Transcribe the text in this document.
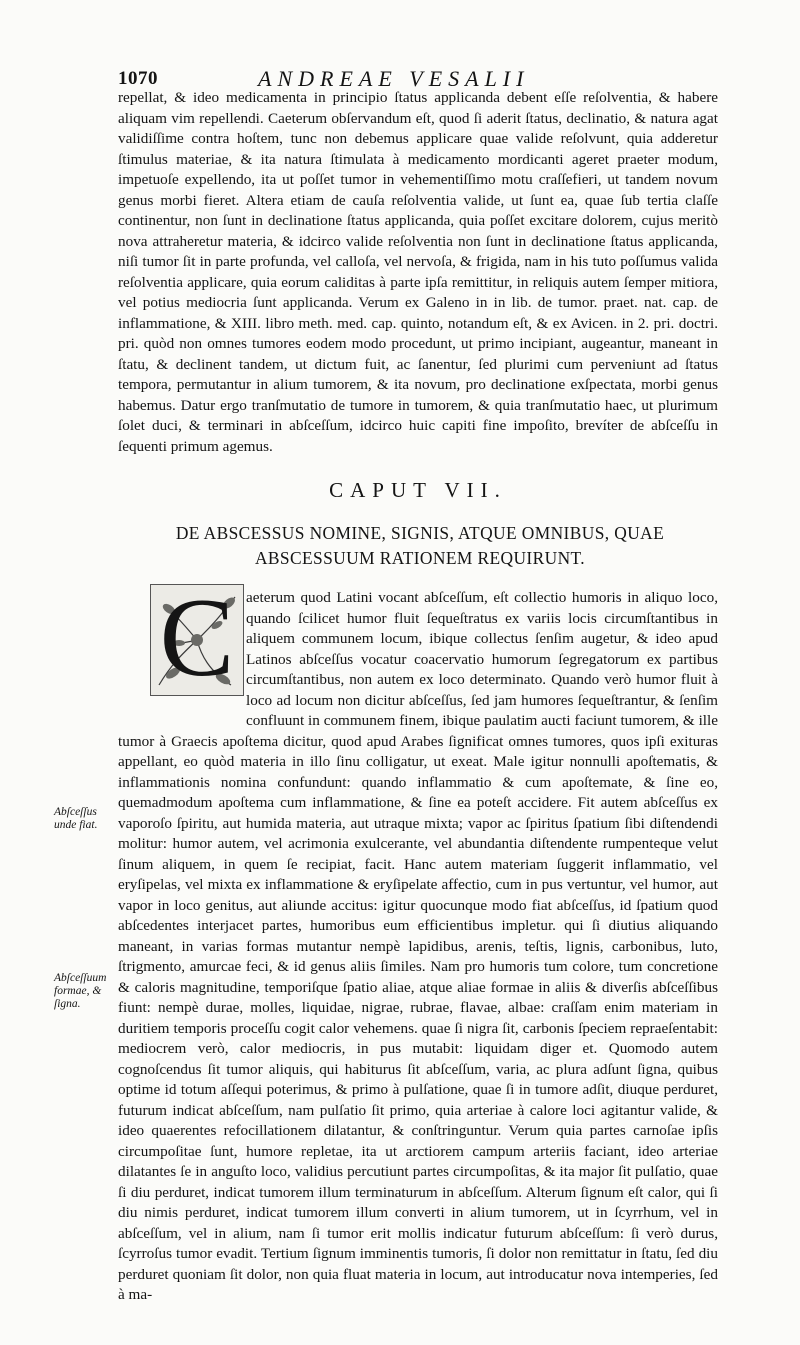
1070	ANDREAE VESALII

repellat, & ideo medicamenta in principio ſtatus applicanda debent eſſe reſolventia, & habere aliquam vim repellendi. Caeterum obſervandum eſt, quod ſi aderit ſtatus, declinatio, & natura agat validiſſime contra hoſtem, tunc non debemus applicare quae valide reſolvunt, quia adderetur ſtimulus materiae, & ita natura ſtimulata à medicamento mordicanti ageret praeter modum, impetuoſe expellendo, ita ut poſſet tumor in vehementiſſimo motu craſſefieri, ut tandem novum genus morbi fieret. Altera etiam de cauſa reſolventia valide, ut ſunt ea, quae ſub tertia claſſe continentur, non ſunt in declinatione ſtatus applicanda, quia poſſet excitare dolorem, cujus meritò nova attraheretur materia, & idcirco valide reſolventia non ſunt in declinatione ſtatus applicanda, niſi tumor ſit in parte profunda, vel calloſa, vel nervoſa, & frigida, nam in his tuto poſſumus valida reſolventia applicare, quia eorum caliditas à parte ipſa remittitur, in reliquis autem ſemper mitiora, vel potius mediocria ſunt applicanda. Verum ex Galeno in in lib. de tumor. praet. nat. cap. de inflammatione, & XIII. libro meth. med. cap. quinto, notandum eſt, & ex Avicen. in 2. pri. doctri. pri. quòd non omnes tumores eodem modo procedunt, ut primo incipiant, augeantur, maneant in ſtatu, & declinent tandem, ut dictum fuit, ac ſanentur, ſed plurimi cum perveniunt ad ſtatus tempora, permutantur in alium tumorem, & ita novum, pro declinatione exſpectata, morbi genus habemus. Datur ergo tranſmutatio de tumore in tumorem, & quia tranſmutatio haec, ut plurimum ſolet duci, & terminari in abſceſſum, idcirco huic capiti fine impoſito, brevíter de abſceſſu in ſequenti primum agemus.

CAPUT VII.
DE ABSCESSUS NOMINE, SIGNIS, ATQUE OMNIBUS, QUAE ABSCESSUUM RATIONEM REQUIRUNT.
C aeterum quod Latini vocant abſceſſum, eſt collectio humoris in aliquo loco, quando ſcilicet humor fluit ſequeſtratus ex variis locis circumſtantibus in aliquem communem locum, ibique collectus ſenſim augetur, & ideo apud Latinos abſceſſus vocatur coacervatio humorum ſegregatorum ex partibus circumſtantibus, non autem ex loco determinato. Quando verò humor fluit à loco ad locum non dicitur abſceſſus, ſed jam humores ſequeſtrantur, & ſenſim confluunt in communem finem, ibique paulatim aucti faciunt tumorem, & ille tumor à Graecis apoſtema dicitur, quod apud Arabes ſignificat omnes tumores, quos ipſi exituras appellant, eo quòd materia in illo ſinu colligatur, ut exeat. Male igitur nonnulli apoſtematis, & inflammationis nomina confundunt: quando inflammatio & cum apoſtemate, & ſine eo, quemadmodum apoſtema cum inflammatione, & ſine ea poteſt accidere. Fit autem abſceſſus ex vaporoſo ſpiritu, aut humida materia, aut utraque mixta; vapor ac ſpiritus ſpatium ſibi diſtendendi molitur: humor autem, vel acrimonia exulcerante, vel abundantia diſtendente rumpenteque velut ſinum aliquem, in quem ſe recipiat, facit. Hanc autem materiam ſuggerit inflammatio, vel eryſipelas, vel mixta ex inflammatione & eryſipelate affectio, cum in pus vertuntur, vel humor, aut vapor in loco genitus, aut aliunde accitus: igitur quocunque modo fiat abſceſſus, id ſpatium quod abſcedentes interjacet partes, humoribus eum efficientibus impletur. qui ſi diutius aliquando maneant, in varias formas mutantur nempè lapidibus, arenis, teſtis, lignis, carbonibus, luto, ſtrigmento, amurcae feci, & id genus aliis ſimiles. Nam pro humoris tum colore, tum concretione & caloris magnitudine, temporiſque ſpatio aliae, atque aliae formae in aliis & diverſis abſceſſibus fiunt: nempè durae, molles, liquidae, nigrae, rubrae, flavae, albae: craſſam enim materiam in duritiem temporis proceſſu cogit calor vehemens. quae ſi nigra ſit, carbonis ſpeciem repraeſentabit: mediocrem verò, calor mediocris, in pus mutabit: liquidam diger et. Quomodo autem cognoſcendus ſit tumor aliquis, qui habiturus ſit abſceſſum, varia, ac plura adſunt ſigna, quibus optime id totum aſſequi poterimus, & primo à pulſatione, quae ſi in tumore adſit, diuque perduret, futurum indicat abſceſſum, nam pulſatio ſit primo, quia arteriae à calore loci agitantur valide, & ideo quaerentes refocillationem dilatantur, & conſtringuntur. Verum quia partes carnoſae ipſis circumpoſitae ſunt, humore repletae, ita ut arctiorem campum arteriis faciant, ideo arteriae dilatantes ſe in anguſto loco, validius percutiunt partes circumpoſitas, & ita major ſit pulſatio, quae ſi diu perduret, indicat tumorem illum terminaturum in abſceſſum. Alterum ſignum eſt calor, qui ſi diu nimis perduret, indicat tumorem illum converti in alium tumorem, ut in ſcyrrhum, vel in abſceſſum, vel in alium, nam ſi tumor erit mollis indicatur futurum abſceſſum: ſi verò durus, ſcyrroſus tumor evadit. Tertium ſignum imminentis tumoris, ſi dolor non remittatur in ſtatu, ſed diu perduret quoniam ſit dolor, non quia fluat materia in locum, aut introducatur nova intemperies, ſed à ma-

Abſceſſus unde fiat.
Abſceſſuum formae, & ſigna.
